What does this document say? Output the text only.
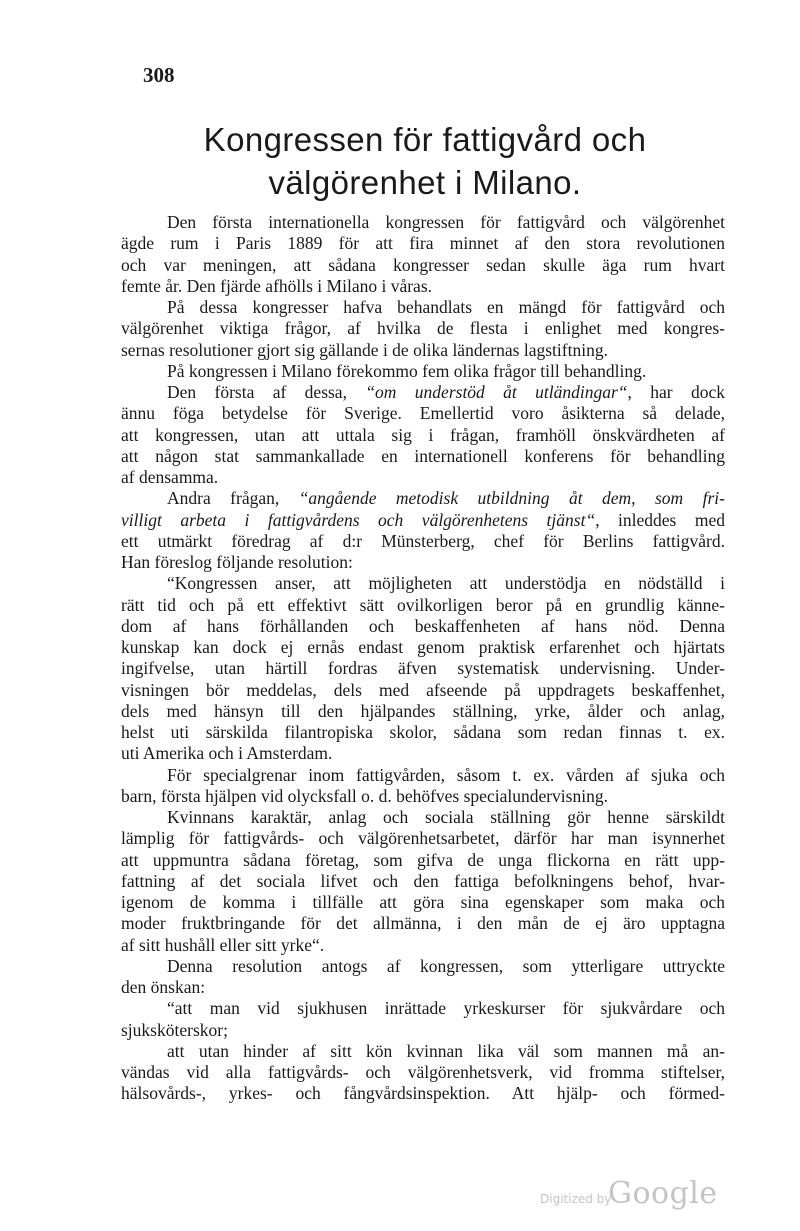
308
Kongressen för fattigvård och
välgörenhet i Milano.
Den första internationella kongressen för fattigvård och välgörenhet
ägde rum i Paris 1889 för att fira minnet af den stora revolutionen
och var meningen, att sådana kongresser sedan skulle äga rum hvart
femte år. Den fjärde afhölls i Milano i våras.
På dessa kongresser hafva behandlats en mängd för fattigvård och
välgörenhet viktiga frågor, af hvilka de flesta i enlighet med kongres-
sernas resolutioner gjort sig gällande i de olika ländernas lagstiftning.
På kongressen i Milano förekommo fem olika frågor till behandling.
Den första af dessa, “om understöd åt utländingar“, har dock
ännu föga betydelse för Sverige. Emellertid voro åsikterna så delade,
att kongressen, utan att uttala sig i frågan, framhöll önskvärdheten af
att någon stat sammankallade en internationell konferens för behandling
af densamma.
Andra frågan, “angående metodisk utbildning åt dem, som fri-
villigt arbeta i fattigvårdens och välgörenhetens tjänst“, inleddes med
ett utmärkt föredrag af d:r Münsterberg, chef för Berlins fattigvård.
Han föreslog följande resolution:
“Kongressen anser, att möjligheten att understödja en nödställd i
rätt tid och på ett effektivt sätt ovilkorligen beror på en grundlig känne-
dom af hans förhållanden och beskaffenheten af hans nöd. Denna
kunskap kan dock ej ernås endast genom praktisk erfarenhet och hjärtats
ingifvelse, utan härtill fordras äfven systematisk undervisning. Under-
visningen bör meddelas, dels med afseende på uppdragets beskaffenhet,
dels med hänsyn till den hjälpandes ställning, yrke, ålder och anlag,
helst uti särskilda filantropiska skolor, sådana som redan finnas t. ex.
uti Amerika och i Amsterdam.
För specialgrenar inom fattigvården, såsom t. ex. vården af sjuka och
barn, första hjälpen vid olycksfall o. d. behöfves specialundervisning.
Kvinnans karaktär, anlag och sociala ställning gör henne särskildt
lämplig för fattigvårds- och välgörenhetsarbetet, därför har man isynnerhet
att uppmuntra sådana företag, som gifva de unga flickorna en rätt upp-
fattning af det sociala lifvet och den fattiga befolkningens behof, hvar-
igenom de komma i tillfälle att göra sina egenskaper som maka och
moder fruktbringande för det allmänna, i den mån de ej äro upptagna
af sitt hushåll eller sitt yrke“.
Denna resolution antogs af kongressen, som ytterligare uttryckte
den önskan:
“att man vid sjukhusen inrättade yrkeskurser för sjukvårdare och
sjuksköterskor;
att utan hinder af sitt kön kvinnan lika väl som mannen må an-
vändas vid alla fattigvårds- och välgörenhetsverk, vid fromma stiftelser,
hälsovårds-, yrkes- och fångvårdsinspektion. Att hjälp- och förmed-
Digitized by
Google
